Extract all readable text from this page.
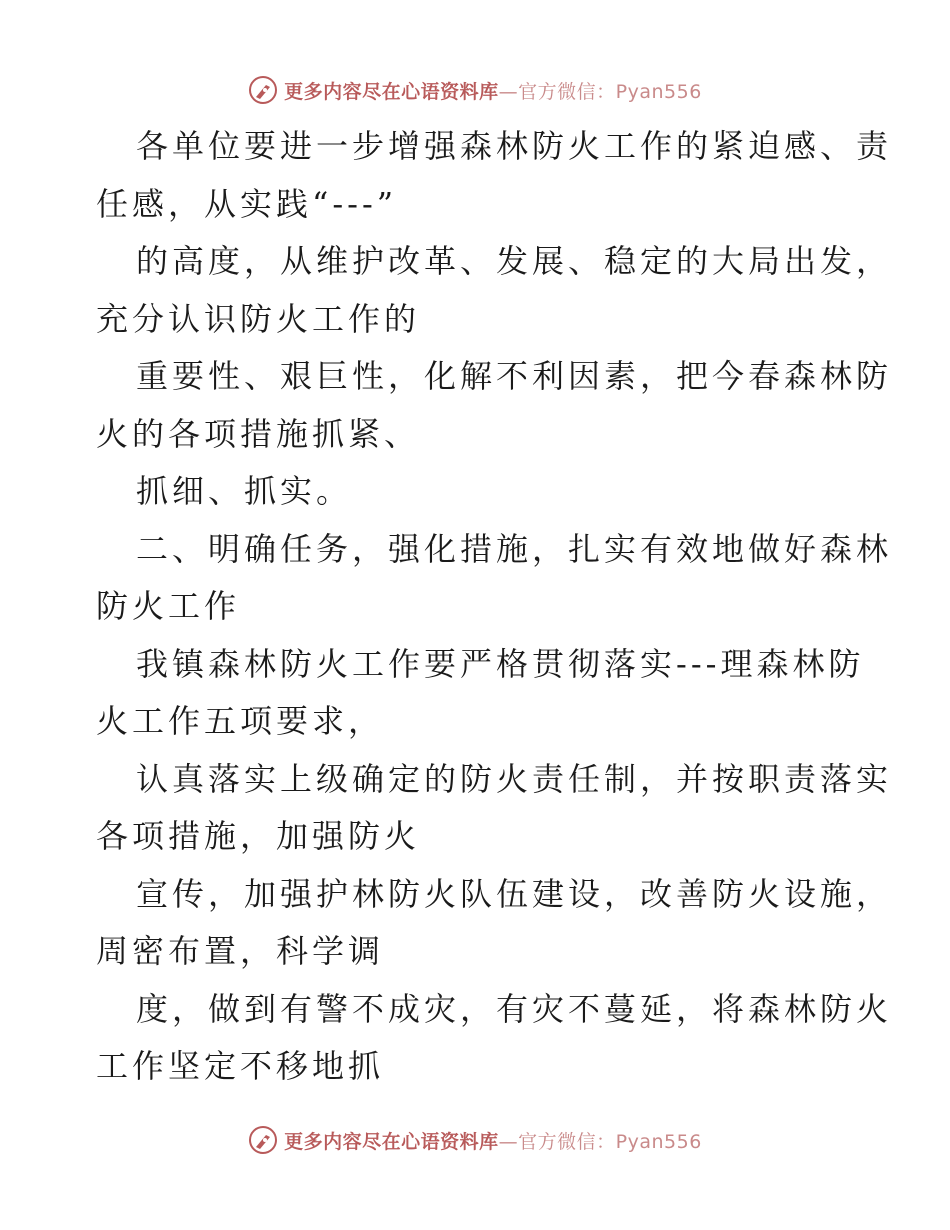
更多内容尽在心语资料库—官方微信：Pyan556
各单位要进一步增强森林防火工作的紧迫感、责
任感，从实践“---”
的高度，从维护改革、发展、稳定的大局出发，
充分认识防火工作的
重要性、艰巨性，化解不利因素，把今春森林防
火的各项措施抓紧、
抓细、抓实。
二、明确任务，强化措施，扎实有效地做好森林
防火工作
我镇森林防火工作要严格贯彻落实---理森林防
火工作五项要求，
认真落实上级确定的防火责任制，并按职责落实
各项措施，加强防火
宣传，加强护林防火队伍建设，改善防火设施，
周密布置，科学调
度，做到有警不成灾，有灾不蔓延，将森林防火
工作坚定不移地抓
更多内容尽在心语资料库—官方微信：Pyan556
